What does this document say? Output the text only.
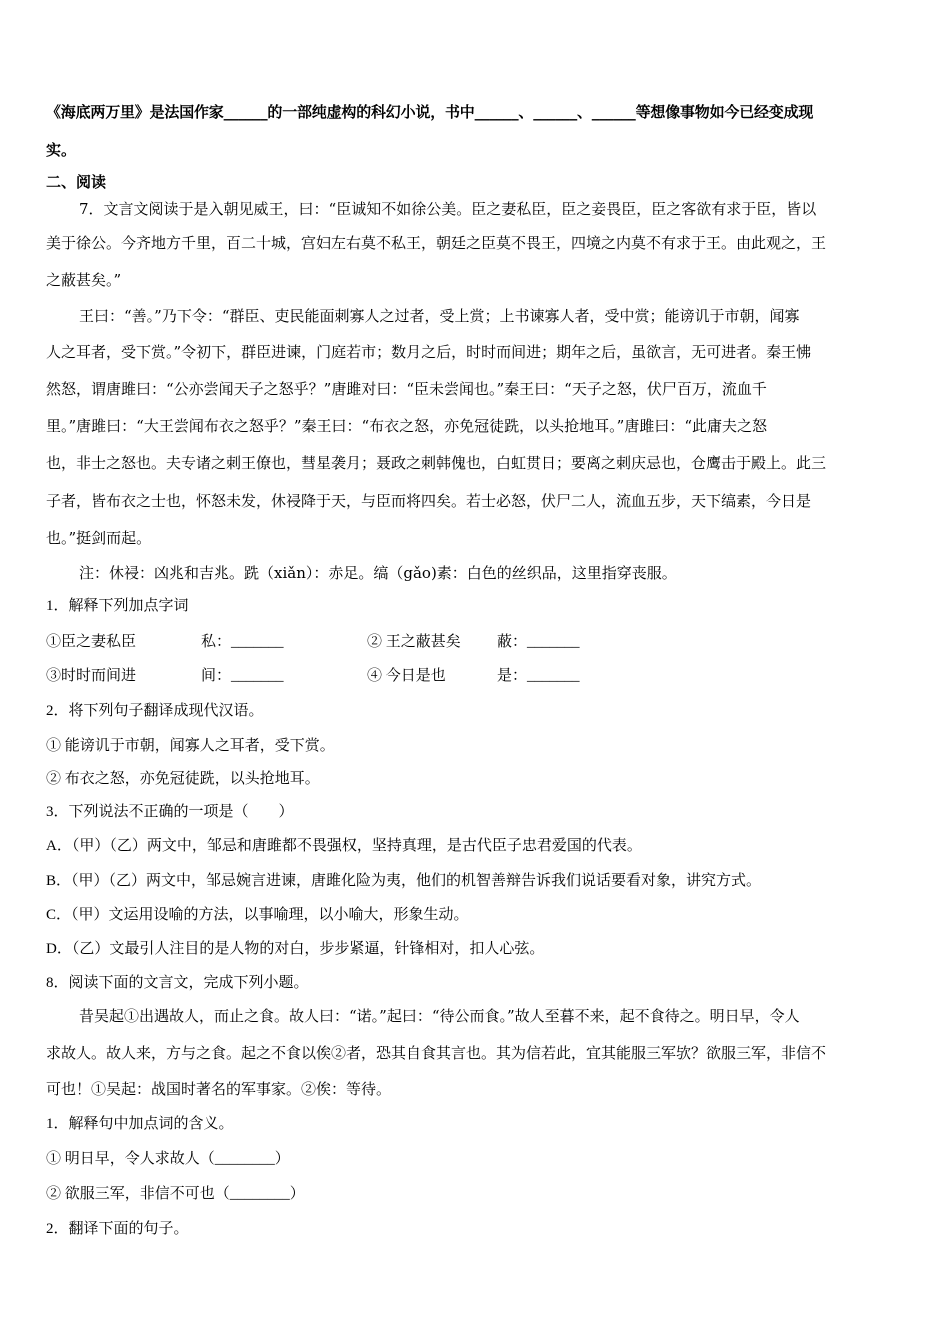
《海底两万里》是法国作家______的一部纯虚构的科幻小说，书中______、______、______等想像事物如今已经变成现
实。
二、阅读
7．文言文阅读于是入朝见威王，曰：“臣诚知不如徐公美。臣之妻私臣，臣之妾畏臣，臣之客欲有求于臣，皆以
美于徐公。今齐地方千里，百二十城，宫妇左右莫不私王，朝廷之臣莫不畏王，四境之内莫不有求于王。由此观之，王
之蔽甚矣。”
王曰：“善。”乃下令：“群臣、吏民能面刺寡人之过者，受上赏；上书谏寡人者，受中赏；能谤讥于市朝，闻寡
人之耳者，受下赏。”令初下，群臣进谏，门庭若市；数月之后，时时而间进；期年之后，虽欲言，无可进者。秦王怫
然怒，谓唐雎曰：“公亦尝闻天子之怒乎？”唐雎对曰：“臣未尝闻也。”秦王曰：“天子之怒，伏尸百万，流血千
里。”唐雎曰：“大王尝闻布衣之怒乎？”秦王曰：“布衣之怒，亦免冠徒跣，以头抢地耳。”唐雎曰：“此庸夫之怒
也，非士之怒也。夫专诸之刺王僚也，彗星袭月；聂政之刺韩傀也，白虹贯日；要离之刺庆忌也，仓鹰击于殿上。此三
子者，皆布衣之士也，怀怒未发，休祲降于天，与臣而将四矣。若士必怒，伏尸二人，流血五步，天下缟素，今日是
也。”挺剑而起。
注：休祲：凶兆和吉兆。跣（xiǎn）：赤足。缟（gǎo)素：白色的丝织品，这里指穿丧服。
1．解释下列加点字词
①臣之妻私臣	私：_______	② 王之蔽甚矣 蔽：_______
③时时而间进	间：_______	④ 今日是也	是：_______
2．将下列句子翻译成现代汉语。
① 能谤讥于市朝，闻寡人之耳者，受下赏。
② 布衣之怒，亦免冠徒跣，以头抢地耳。
3．下列说法不正确的一项是（　　）
A．（甲）（乙）两文中，邹忌和唐雎都不畏强权，坚持真理，是古代臣子忠君爱国的代表。
B．（甲）（乙）两文中，邹忌婉言进谏，唐雎化险为夷，他们的机智善辩告诉我们说话要看对象，讲究方式。
C．（甲）文运用设喻的方法，以事喻理，以小喻大，形象生动。
D．（乙）文最引人注目的是人物的对白，步步紧逼，针锋相对，扣人心弦。
8．阅读下面的文言文，完成下列小题。
昔吴起①出遇故人，而止之食。故人曰：“诺。”起曰：“待公而食。”故人至暮不来，起不食待之。明日早，令人
求故人。故人来，方与之食。起之不食以俟②者，恐其自食其言也。其为信若此，宜其能服三军欤？欲服三军，非信不
可也！①吴起：战国时著名的军事家。②俟：等待。
1．解释句中加点词的含义。
① 明日早，令人求故人（________）
② 欲服三军，非信不可也（________）
2．翻译下面的句子。
